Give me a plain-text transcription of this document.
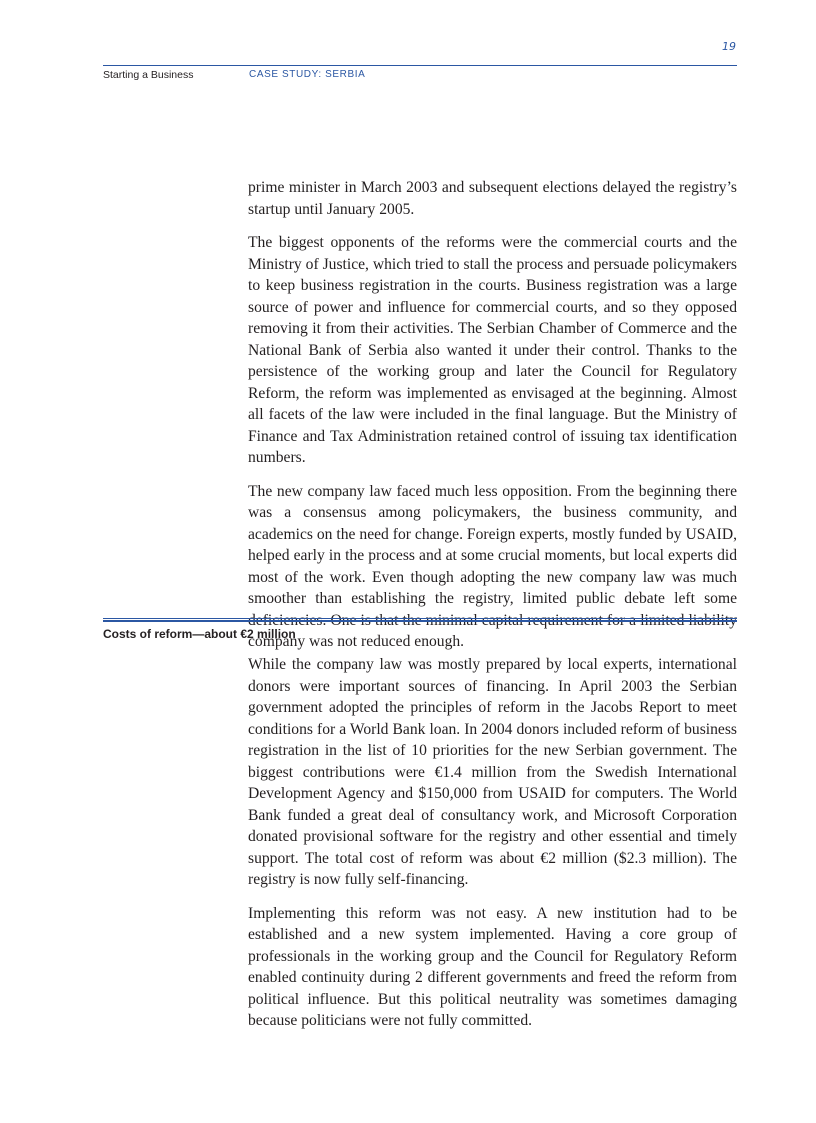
19
Starting a Business	CASE STUDY: SERBIA

prime minister in March 2003 and subsequent elections delayed the registry’s startup until January 2005.

The biggest opponents of the reforms were the commercial courts and the Ministry of Justice, which tried to stall the process and persuade policymakers to keep business registration in the courts. Business registration was a large source of power and influence for commercial courts, and so they opposed removing it from their activities. The Serbian Chamber of Commerce and the National Bank of Serbia also wanted it under their control. Thanks to the persistence of the working group and later the Council for Regulatory Reform, the reform was implemented as envisaged at the beginning. Almost all facets of the law were included in the final language. But the Ministry of Finance and Tax Administration retained control of issuing tax identification numbers.

The new company law faced much less opposition. From the beginning there was a consensus among policymakers, the business community, and academics on the need for change. Foreign experts, mostly funded by USAID, helped early in the process and at some crucial moments, but local experts did most of the work. Even though adopting the new company law was much smoother than establishing the registry, limited public debate left some deficiencies. One is that the minimal capital requirement for a limited liability company was not reduced enough.

Costs of reform—about €2 million

While the company law was mostly prepared by local experts, international donors were important sources of financing. In April 2003 the Serbian government adopted the principles of reform in the Jacobs Report to meet conditions for a World Bank loan. In 2004 donors included reform of business registration in the list of 10 priorities for the new Serbian government. The biggest contributions were €1.4 million from the Swedish International Development Agency and $150,000 from USAID for computers. The World Bank funded a great deal of consultancy work, and Microsoft Corporation donated provisional software for the registry and other essential and timely support. The total cost of reform was about €2 million ($2.3 million). The registry is now fully self-financing.

Implementing this reform was not easy. A new institution had to be established and a new system implemented. Having a core group of professionals in the working group and the Council for Regulatory Reform enabled continuity during 2 different governments and freed the reform from political influence. But this political neutrality was sometimes damaging because politicians were not fully committed.
